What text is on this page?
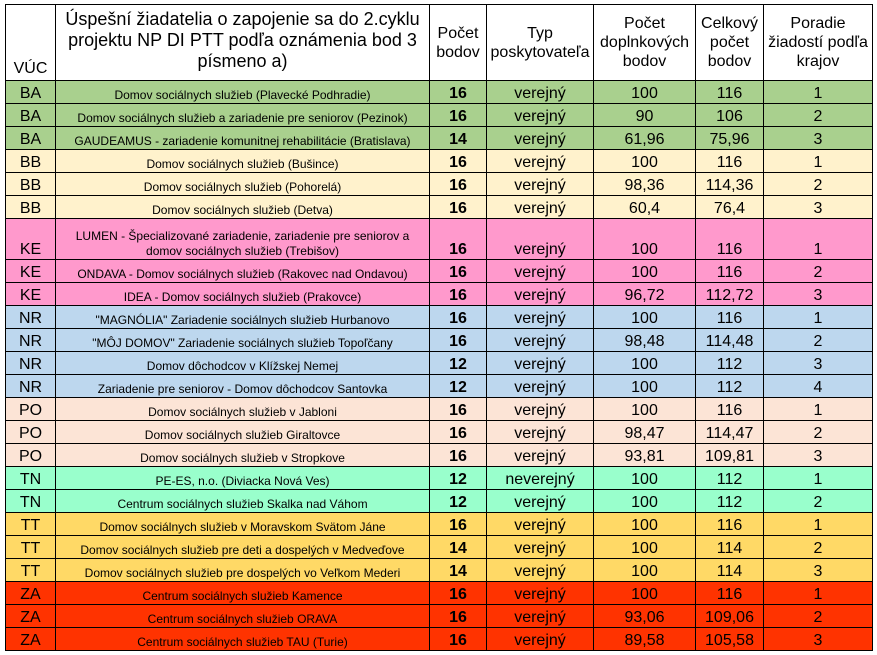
VÚC	Úspešní žiadatelia o zapojenie sa do 2.cyklu projektu NP DI PTT podľa oznámenia bod 3 písmeno a)	Počet bodov	Typ poskytovateľa	Počet doplnkových bodov	Celkový počet bodov	Poradie žiadostí podľa krajov
BA	Domov sociálnych služieb (Plavecké Podhradie)	16	verejný	100	116	1
BA	Domov sociálnych služieb a zariadenie pre seniorov (Pezinok)	16	verejný	90	106	2
BA	GAUDEAMUS - zariadenie komunitnej rehabilitácie (Bratislava)	14	verejný	61,96	75,96	3
BB	Domov sociálnych služieb (Bušince)	16	verejný	100	116	1
BB	Domov sociálnych služieb (Pohorelá)	16	verejný	98,36	114,36	2
BB	Domov sociálnych služieb (Detva)	16	verejný	60,4	76,4	3
KE	LUMEN - Špecializované zariadenie, zariadenie pre seniorov a domov sociálnych služieb (Trebišov)	16	verejný	100	116	1
KE	ONDAVA - Domov sociálnych služieb (Rakovec nad Ondavou)	16	verejný	100	116	2
KE	IDEA - Domov sociálnych služieb (Prakovce)	16	verejný	96,72	112,72	3
NR	"MAGNÓLIA" Zariadenie sociálnych služieb Hurbanovo	16	verejný	100	116	1
NR	"MÔJ DOMOV" Zariadenie sociálnych služieb Topoľčany	16	verejný	98,48	114,48	2
NR	Domov dôchodcov v Klížskej Nemej	12	verejný	100	112	3
NR	Zariadenie pre seniorov - Domov dôchodcov Santovka	12	verejný	100	112	4
PO	Domov sociálnych služieb v Jabloni	16	verejný	100	116	1
PO	Domov sociálnych služieb Giraltovce	16	verejný	98,47	114,47	2
PO	Domov sociálnych služieb v Stropkove	16	verejný	93,81	109,81	3
TN	PE-ES, n.o. (Diviacka Nová Ves)	12	neverejný	100	112	1
TN	Centrum sociálnych služieb Skalka nad Váhom	12	verejný	100	112	2
TT	Domov sociálnych služieb v Moravskom Svätom Jáne	16	verejný	100	116	1
TT	Domov sociálnych služieb pre deti a dospelých v Medveďove	14	verejný	100	114	2
TT	Domov sociálnych služieb pre dospelých vo Veľkom Mederi	14	verejný	100	114	3
ZA	Centrum sociálnych služieb Kamence	16	verejný	100	116	1
ZA	Centrum sociálnych služieb ORAVA	16	verejný	93,06	109,06	2
ZA	Centrum sociálnych služieb TAU (Turie)	16	verejný	89,58	105,58	3
